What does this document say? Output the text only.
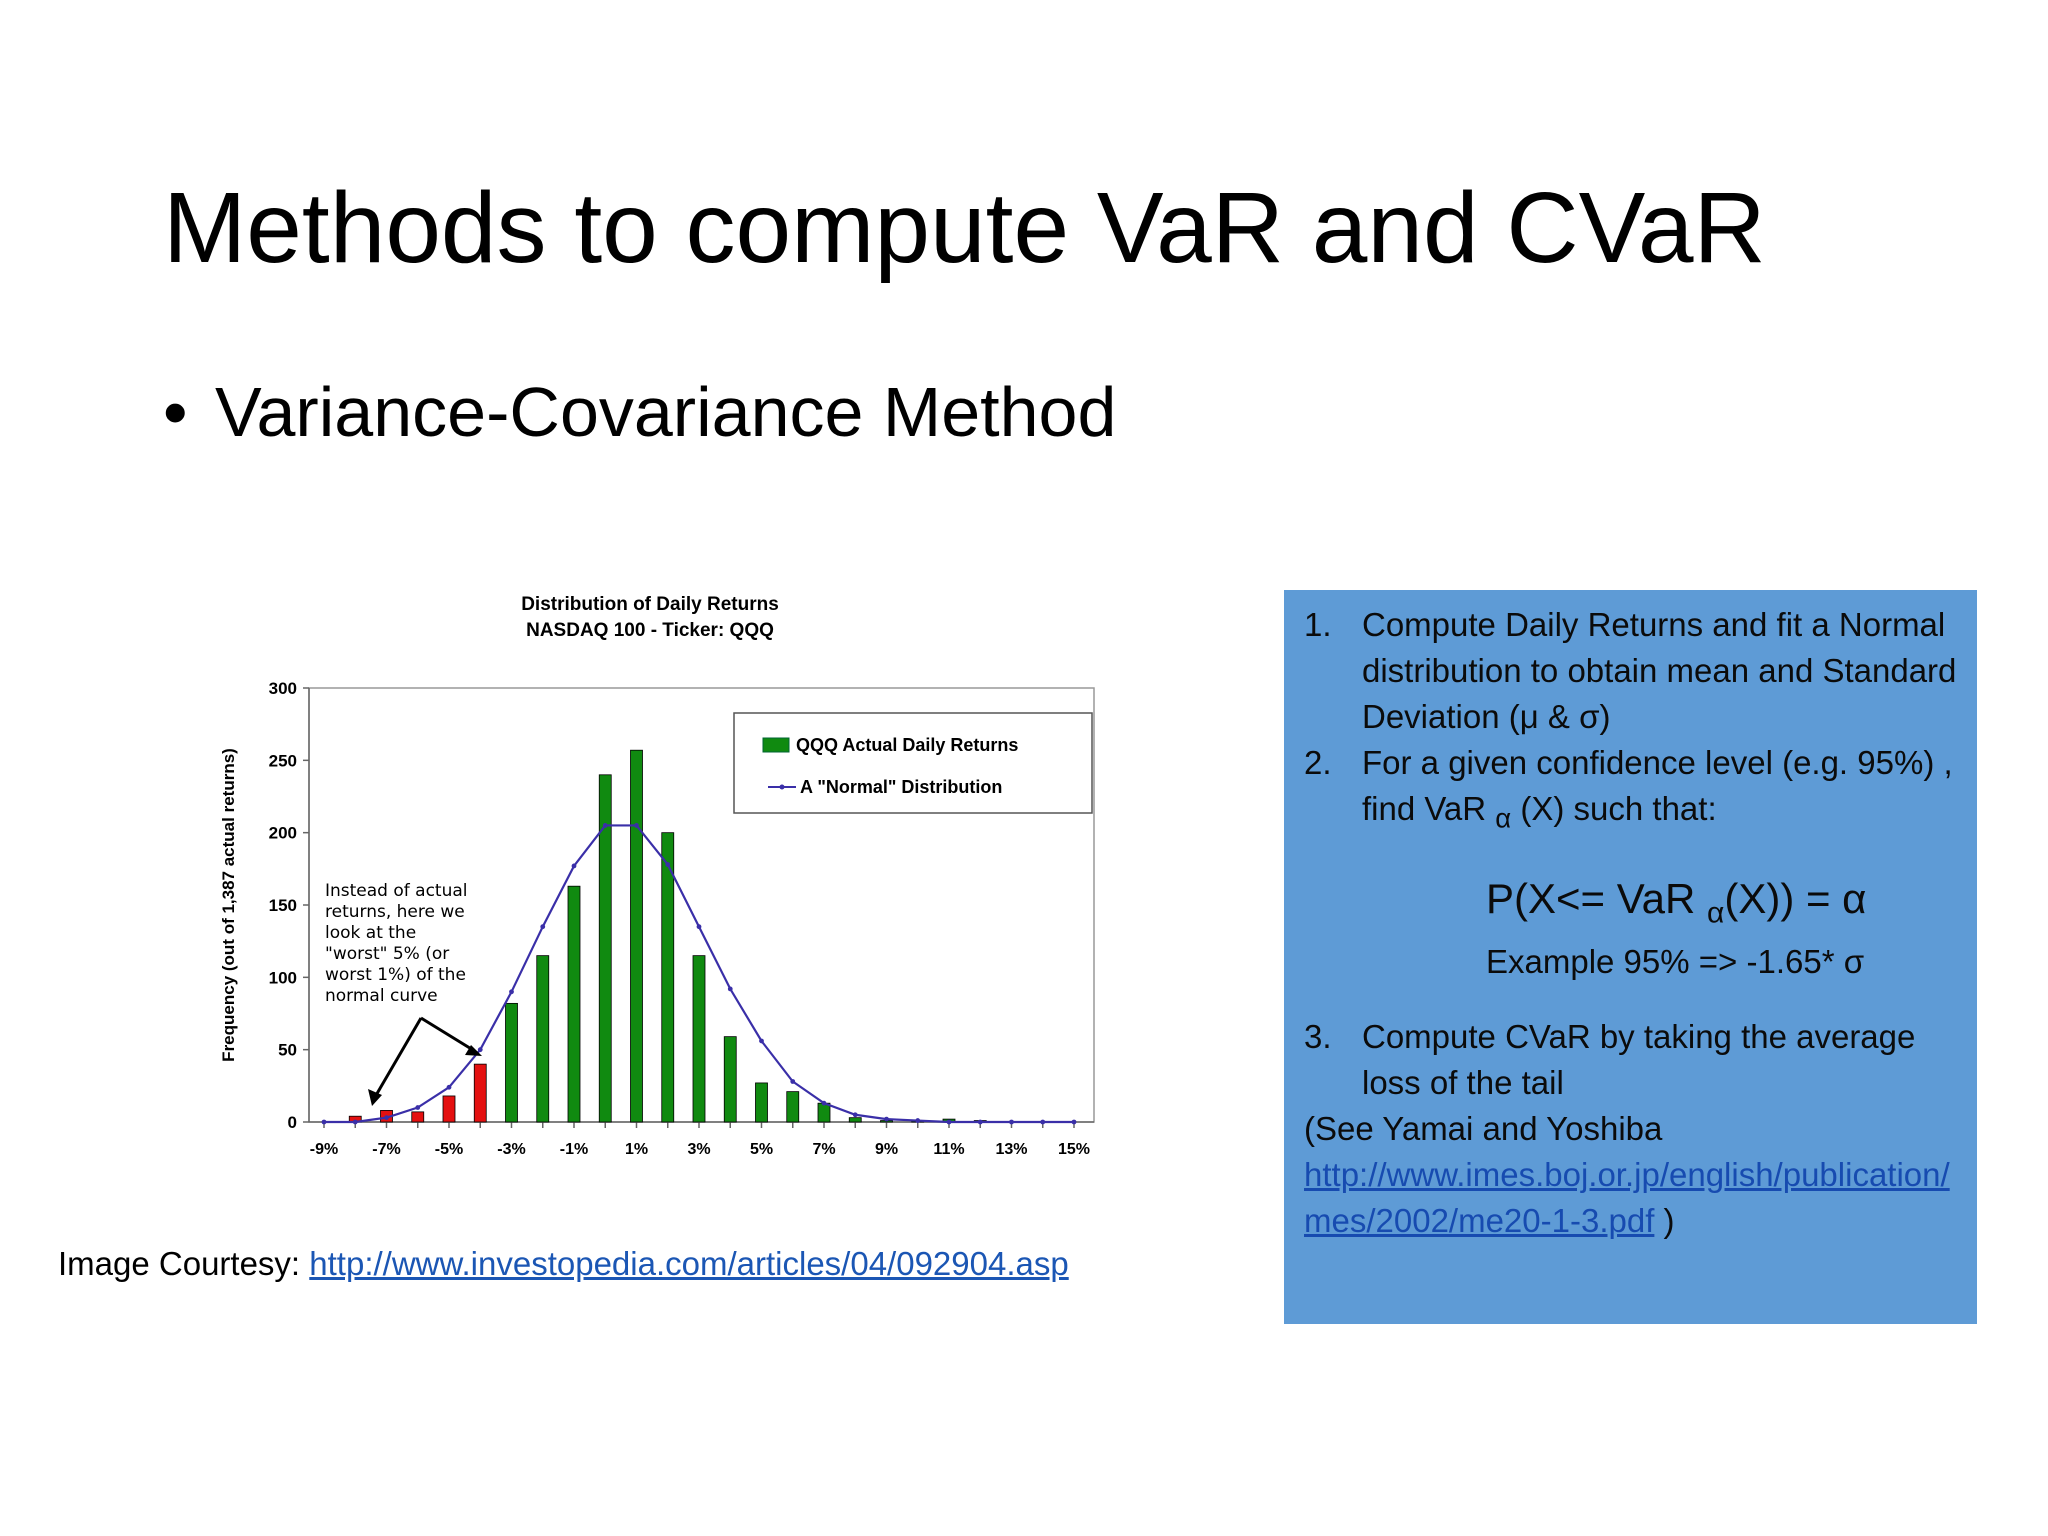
Methods to compute VaR and CVaR
• Variance-Covariance Method
Distribution of Daily Returns
NASDAQ 100 - Ticker: QQQ
0
50
100
150
200
250
300
-9% -7% -5% -3% -1% 1% 3% 5% 7% 9% 11% 13% 15%
Frequency (out of 1,387 actual returns)
QQQ Actual Daily Returns
A "Normal" Distribution
Instead of actual
returns, here we
look at the
"worst" 5% (or
worst 1%) of the
normal curve
Image Courtesy: http://www.investopedia.com/articles/04/092904.asp
1. Compute Daily Returns and fit a Normal distribution to obtain mean and Standard Deviation (μ & σ)
2. For a given confidence level (e.g. 95%) , find VaR $_\alpha$ (X) such that:
P(X<= VaR $_\alpha$(X)) = α
Example 95% => -1.65* σ
3. Compute CVaR by taking the average loss of the tail
(See Yamai and Yoshiba
http://www.imes.boj.or.jp/english/publication/mes/2002/me20-1-3.pdf )
